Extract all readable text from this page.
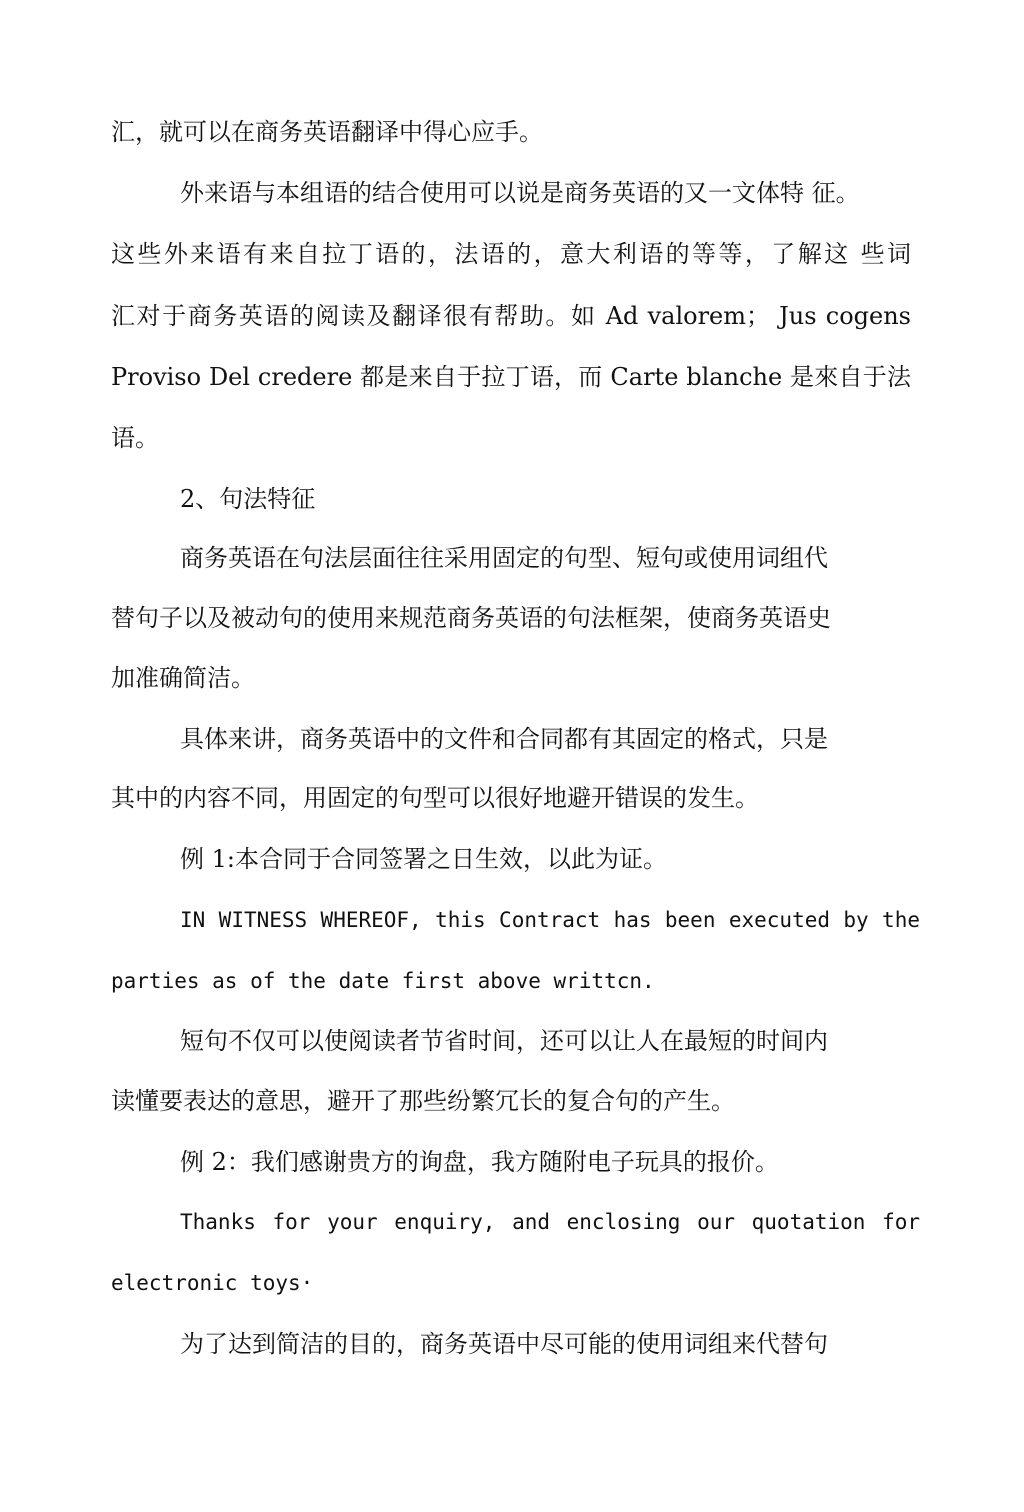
汇，就可以在商务英语翻译中得心应手。
外来语与本组语的结合使用可以说是商务英语的又一文体特 征。
这些外来语有来自拉丁语的，法语的，意大利语的等等，了解这 些词
汇对于商务英语的阅读及翻译很有帮助。如 Ad valorem； Jus cogens
Proviso Del credere 都是来自于拉丁语，而 Carte blanche 是來自于法
语。
2、句法特征
商务英语在句法层面往往采用固定的句型、短句或使用词组代
替句子以及被动句的使用来规范商务英语的句法框架，使商务英语史
加准确简洁。
具体来讲，商务英语中的文件和合同都有其固定的格式，只是
其中的内容不同，用固定的句型可以很好地避开错误的发生。
例 1:本合同于合同签署之日生效，以此为证。
IN WITNESS WHEREOF, this Contract has been executed by the
parties as of the date first above writtcn.
短句不仅可以使阅读者节省时间，还可以让人在最短的时间内
读懂要表达的意思，避开了那些纷繁冗长的复合句的产生。
例 2：我们感谢贵方的询盘，我方随附电子玩具的报价。
Thanks for your enquiry, and enclosing our quotation for
electronic toys·
为了达到简洁的目的，商务英语中尽可能的使用词组来代替句
